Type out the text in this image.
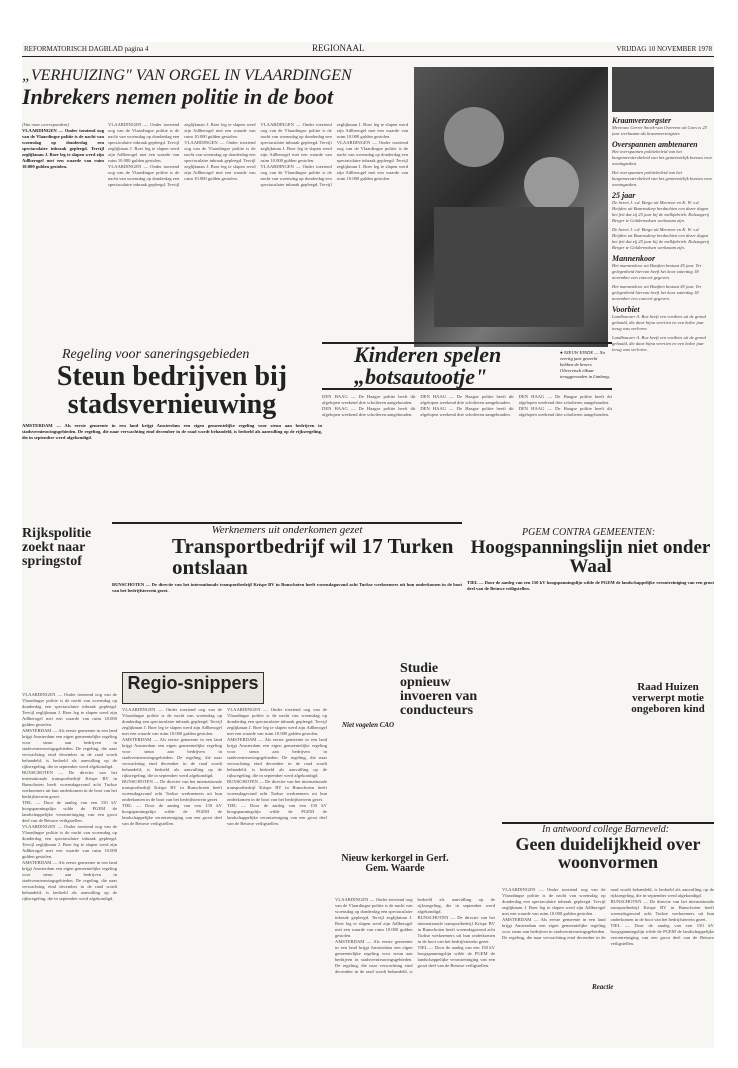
REFORMATORISCH DAGBLAD pagina 4	REGIONAAL	VRIJDAG 10 NOVEMBER 1978
„VERHUIZING" VAN ORGEL IN VLAARDINGEN
Inbrekers nemen politie in de boot

(Van onze correspondent)

VLAARDINGEN — Onder toeziend oog van de Vlaardingse politie is de nacht van woensdag op donderdag een spectaculaire inbraak gepleegd. Tervijl zeglijkman J. Boer leg te slapen werd zijn Adlberogel met een waarde van ruim 10.000 gulden gestolen.

VLAARDINGEN — Onder toeziend oog van de Vlaardingse politie is de nacht van woensdag op donderdag een spectaculaire inbraak gepleegd. Tervijl zeglijkman J. Boer leg te slapen werd zijn Adlberogel met een waarde van ruim 10.000 gulden gestolen.

VLAARDINGEN — Onder toeziend oog van de Vlaardingse politie is de nacht van woensdag op donderdag een spectaculaire inbraak gepleegd. Tervijl zeglijkman J. Boer leg te slapen werd zijn Adlberogel met een waarde van ruim 10.000 gulden gestolen.

VLAARDINGEN — Onder toeziend oog van de Vlaardingse politie is de nacht van woensdag op donderdag een spectaculaire inbraak gepleegd. Tervijl zeglijkman J. Boer leg te slapen werd zijn Adlberogel met een waarde van ruim 10.000 gulden gestolen.

VLAARDINGEN — Onder toeziend oog van de Vlaardingse politie is de nacht van woensdag op donderdag een spectaculaire inbraak gepleegd. Tervijl zeglijkman J. Boer leg te slapen werd zijn Adlberogel met een waarde van ruim 10.000 gulden gestolen.

VLAARDINGEN — Onder toeziend oog van de Vlaardingse politie is de nacht van woensdag op donderdag een spectaculaire inbraak gepleegd. Tervijl zeglijkman J. Boer leg te slapen werd zijn Adlberogel met een waarde van ruim 10.000 gulden gestolen.

VLAARDINGEN — Onder toeziend oog van de Vlaardingse politie is de nacht van woensdag op donderdag een spectaculaire inbraak gepleegd. Tervijl zeglijkman J. Boer leg te slapen werd zijn Adlberogel met een waarde van ruim 10.000 gulden gestolen.

Kraamverzorgster

Mevrouw Gerrie Snoek-van Overeem uit Goes is 25 jaar werkzaam als kraamverzorgster.

Overspannen ambtenaren

Het overspannen politiebeleid van het burgemeestersbeleid van het gemeentelijk bureau voor woningzaken.

Het overspannen politiebeleid van het burgemeestersbeleid van het gemeentelijk bureau voor woningzaken.

25 jaar

De heren J. v.d. Berge uit Meerene en K. W. v.d. Heijden uit Baarnsdorp herdachten een dezer dagen het feit dat zij 25 jaar bij de melkfabriek. Rolszagerij Berger te Goldermalsen werkzaam zijn.

De heren J. v.d. Berge uit Meerene en K. W. v.d. Heijden uit Baarnsdorp herdachten een dezer dagen het feit dat zij 25 jaar bij de melkfabriek. Rolszagerij Berger te Goldermalsen werkzaam zijn.

Mannenkoor

Het mannenkoor uit Haaften bestaat 45 jaar. Ter gelegenheid hiervan heeft het koor zaterdag 18 november een concert gegeven.

Het mannenkoor uit Haaften bestaat 45 jaar. Ter gelegenheid hiervan heeft het koor zaterdag 18 november een concert gegeven.

Voorbiet

Landbouwer A. Box heeft een voetbies uit de grond gehaald, die daar bijna veertien en een halve jaar terug was verloren.

Landbouwer A. Box heeft een voetbies uit de grond gehaald, die daar bijna veertien en een halve jaar terug was verloren.

Regeling voor saneringsgebieden
Steun bedrijven bij stadsvernieuwing
AMSTERDAM — Als eerste gemeente in een land krijgt Amsterdam een eigen gemeentelijke regeling voor steun aan bedrijven in stadsvernieuwingsgebieden. De regeling, die naar verwachting eind december in de raad wordt behandeld, is bedoeld als aanvulling op de rijksregeling, die in september werd afgekondigd.
Kinderen spelen „botsautootje"

DEN HAAG — De Haagse politie heeft dit afgelopen weekend drie scholieren aangehouden.

DEN HAAG — De Haagse politie heeft dit afgelopen weekend drie scholieren aangehouden.

DEN HAAG — De Haagse politie heeft dit afgelopen weekend drie scholieren aangehouden.

DEN HAAG — De Haagse politie heeft dit afgelopen weekend drie scholieren aangehouden.

DEN HAAG — De Haagse politie heeft dit afgelopen weekend drie scholieren aangehouden.

DEN HAAG — De Haagse politie heeft dit afgelopen weekend drie scholieren aangehouden.

● NIEUW EINDE — Na veertig jaar gewerkt hebben de broers Olivervisch elkaar teruggevonden in Limburg.
Rijkspolitie zoekt naar springstof
Werknemers uit onderkomen gezet
Transportbedrijf wil 17 Turken ontslaan
BUNSCHOTEN — De directie van het internationale transportbedrijf Krispe BV in Bunschoten heeft woensdagavond acht Turkse werknemers uit hun onderkomen in de boot van het bedrijfsterrein gezet.
PGEM CONTRA GEMEENTEN:
Hoogspanningslijn niet onder Waal
TIEL — Door de aanleg van een 150 kV hoogspanningslijn wilde de PGEM de landschappelijke verontreiniging van een groot deel van de Betuwe veiligstellen.
Regio-snippers
Studie opnieuw invoeren van conducteurs
Raad Huizen verwerpt motie ongeboren kind
Niet vogelen CAO
Nieuw kerkorgel in Gerf. Gem. Waarde
In antwoord college Barneveld:
Geen duidelijkheid over woonvormen
Reactie

VLAARDINGEN — Onder toeziend oog van de Vlaardingse politie is de nacht van woensdag op donderdag een spectaculaire inbraak gepleegd. Tervijl zeglijkman J. Boer leg te slapen werd zijn Adlberogel met een waarde van ruim 10.000 gulden gestolen.

AMSTERDAM — Als eerste gemeente in een land krijgt Amsterdam een eigen gemeentelijke regeling voor steun aan bedrijven in stadsvernieuwingsgebieden. De regeling, die naar verwachting eind december in de raad wordt behandeld, is bedoeld als aanvulling op de rijksregeling, die in september werd afgekondigd.

BUNSCHOTEN — De directie van het internationale transportbedrijf Krispe BV in Bunschoten heeft woensdagavond acht Turkse werknemers uit hun onderkomen in de boot van het bedrijfsterrein gezet.

TIEL — Door de aanleg van een 150 kV hoogspanningslijn wilde de PGEM de landschappelijke verontreiniging van een groot deel van de Betuwe veiligstellen.

VLAARDINGEN — Onder toeziend oog van de Vlaardingse politie is de nacht van woensdag op donderdag een spectaculaire inbraak gepleegd. Tervijl zeglijkman J. Boer leg te slapen werd zijn Adlberogel met een waarde van ruim 10.000 gulden gestolen.

AMSTERDAM — Als eerste gemeente in een land krijgt Amsterdam een eigen gemeentelijke regeling voor steun aan bedrijven in stadsvernieuwingsgebieden. De regeling, die naar verwachting eind december in de raad wordt behandeld, is bedoeld als aanvulling op de rijksregeling, die in september werd afgekondigd.

VLAARDINGEN — Onder toeziend oog van de Vlaardingse politie is de nacht van woensdag op donderdag een spectaculaire inbraak gepleegd. Tervijl zeglijkman J. Boer leg te slapen werd zijn Adlberogel met een waarde van ruim 10.000 gulden gestolen.

AMSTERDAM — Als eerste gemeente in een land krijgt Amsterdam een eigen gemeentelijke regeling voor steun aan bedrijven in stadsvernieuwingsgebieden. De regeling, die naar verwachting eind december in de raad wordt behandeld, is bedoeld als aanvulling op de rijksregeling, die in september werd afgekondigd.

BUNSCHOTEN — De directie van het internationale transportbedrijf Krispe BV in Bunschoten heeft woensdagavond acht Turkse werknemers uit hun onderkomen in de boot van het bedrijfsterrein gezet.

TIEL — Door de aanleg van een 150 kV hoogspanningslijn wilde de PGEM de landschappelijke verontreiniging van een groot deel van de Betuwe veiligstellen.

VLAARDINGEN — Onder toeziend oog van de Vlaardingse politie is de nacht van woensdag op donderdag een spectaculaire inbraak gepleegd. Tervijl zeglijkman J. Boer leg te slapen werd zijn Adlberogel met een waarde van ruim 10.000 gulden gestolen.

AMSTERDAM — Als eerste gemeente in een land krijgt Amsterdam een eigen gemeentelijke regeling voor steun aan bedrijven in stadsvernieuwingsgebieden. De regeling, die naar verwachting eind december in de raad wordt behandeld, is bedoeld als aanvulling op de rijksregeling, die in september werd afgekondigd.

BUNSCHOTEN — De directie van het internationale transportbedrijf Krispe BV in Bunschoten heeft woensdagavond acht Turkse werknemers uit hun onderkomen in de boot van het bedrijfsterrein gezet.

TIEL — Door de aanleg van een 150 kV hoogspanningslijn wilde de PGEM de landschappelijke verontreiniging van een groot deel van de Betuwe veiligstellen.

VLAARDINGEN — Onder toeziend oog van de Vlaardingse politie is de nacht van woensdag op donderdag een spectaculaire inbraak gepleegd. Tervijl zeglijkman J. Boer leg te slapen werd zijn Adlberogel met een waarde van ruim 10.000 gulden gestolen.

AMSTERDAM — Als eerste gemeente in een land krijgt Amsterdam een eigen gemeentelijke regeling voor steun aan bedrijven in stadsvernieuwingsgebieden. De regeling, die naar verwachting eind december in de raad wordt behandeld, is bedoeld als aanvulling op de rijksregeling, die in september werd afgekondigd.

BUNSCHOTEN — De directie van het internationale transportbedrijf Krispe BV in Bunschoten heeft woensdagavond acht Turkse werknemers uit hun onderkomen in de boot van het bedrijfsterrein gezet.

TIEL — Door de aanleg van een 150 kV hoogspanningslijn wilde de PGEM de landschappelijke verontreiniging van een groot deel van de Betuwe veiligstellen.

VLAARDINGEN — Onder toeziend oog van de Vlaardingse politie is de nacht van woensdag op donderdag een spectaculaire inbraak gepleegd. Tervijl zeglijkman J. Boer leg te slapen werd zijn Adlberogel met een waarde van ruim 10.000 gulden gestolen.

AMSTERDAM — Als eerste gemeente in een land krijgt Amsterdam een eigen gemeentelijke regeling voor steun aan bedrijven in stadsvernieuwingsgebieden. De regeling, die naar verwachting eind december in de raad wordt behandeld, is bedoeld als aanvulling op de rijksregeling, die in september werd afgekondigd.

BUNSCHOTEN — De directie van het internationale transportbedrijf Krispe BV in Bunschoten heeft woensdagavond acht Turkse werknemers uit hun onderkomen in de boot van het bedrijfsterrein gezet.

TIEL — Door de aanleg van een 150 kV hoogspanningslijn wilde de PGEM de landschappelijke verontreiniging van een groot deel van de Betuwe veiligstellen.
